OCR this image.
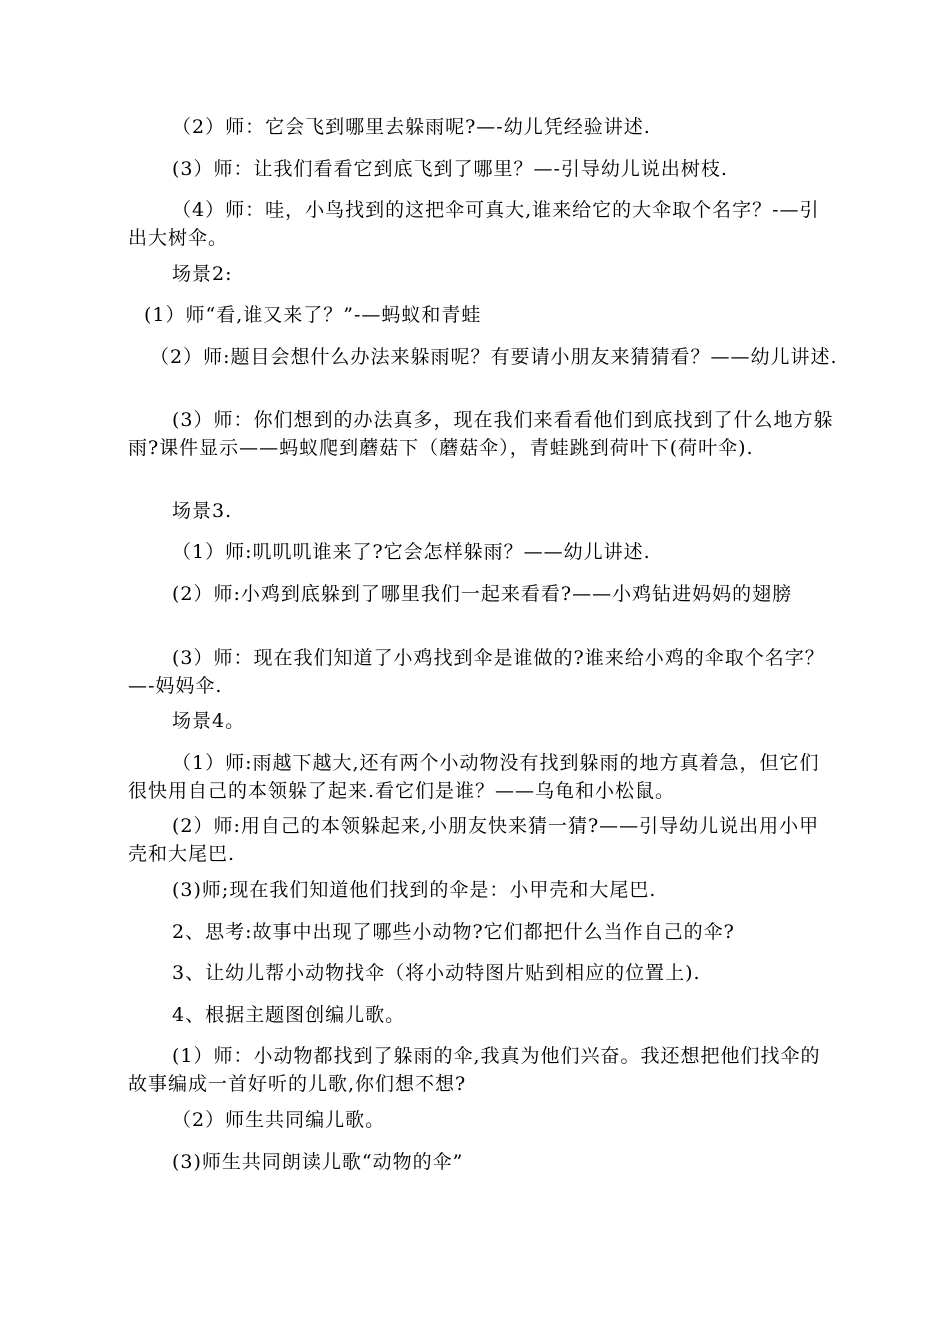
（2）师：它会飞到哪里去躲雨呢?—-幼儿凭经验讲述.

(3）师：让我们看看它到底飞到了哪里？—-引导幼儿说出树枝.

（4）师：哇，小鸟找到的这把伞可真大,谁来给它的大伞取个名字？-—引出大树伞。

场景2:

(1）师“看,谁又来了？”-—蚂蚁和青蛙

（2）师:题目会想什么办法来躲雨呢？有要请小朋友来猜猜看？——幼儿讲述.

(3）师：你们想到的办法真多，现在我们来看看他们到底找到了什么地方躲雨?课件显示——蚂蚁爬到蘑菇下（蘑菇伞），青蛙跳到荷叶下(荷叶伞).

场景3.

（1）师:叽叽叽谁来了?它会怎样躲雨？——幼儿讲述.

(2）师:小鸡到底躲到了哪里我们一起来看看?——小鸡钻进妈妈的翅膀

(3）师：现在我们知道了小鸡找到伞是谁做的?谁来给小鸡的伞取个名字？—-妈妈伞.

场景4。

（1）师:雨越下越大,还有两个小动物没有找到躲雨的地方真着急，但它们很快用自己的本领躲了起来.看它们是谁？——乌龟和小松鼠。

(2）师:用自己的本领躲起来,小朋友快来猜一猜?——引导幼儿说出用小甲壳和大尾巴.

(3)师;现在我们知道他们找到的伞是：小甲壳和大尾巴.

2、思考:故事中出现了哪些小动物?它们都把什么当作自己的伞?

3、让幼儿帮小动物找伞（将小动特图片贴到相应的位置上).

4、根据主题图创编儿歌。

(1）师：小动物都找到了躲雨的伞,我真为他们兴奋。我还想把他们找伞的故事编成一首好听的儿歌,你们想不想?

（2）师生共同编儿歌。

(3)师生共同朗读儿歌“动物的伞”
